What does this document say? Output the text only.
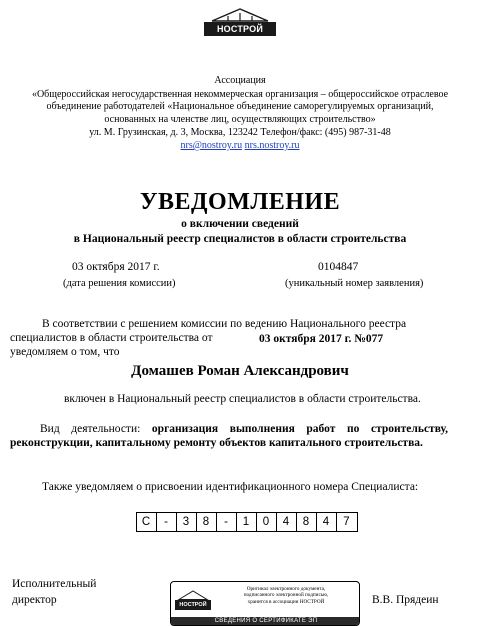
НОСТРОЙ
Ассоциация
«Общероссийская негосударственная некоммерческая организация – общероссийское отраслевое
объединение работодателей «Национальное объединение саморегулируемых организаций,
основанных на членстве лиц, осуществляющих строительство»
ул. М. Грузинская, д. 3, Москва, 123242 Телефон/факс: (495) 987-31-48
nrs@nostroy.ru nrs.nostroy.ru
УВЕДОМЛЕНИЕ
о включении сведений
в Национальный реестр специалистов в области строительства
03 октября 2017 г.
(дата решения комиссии)
0104847
(уникальный номер заявления)
В соответствии с решением комиссии по ведению Национального реестра
специалистов в области строительства от	03 октября 2017 г. №077
уведомляем о том, что
Домашев Роман Александрович
включен в Национальный реестр специалистов в области строительства.
Вид деятельности: организация выполнения работ по строительству, реконструкции, капитальному ремонту объектов капитального строительства.
Также уведомляем о присвоении идентификационного номера Специалиста:
С	-	3	8	-	1	0	4	8	4	7
Исполнительный
директор	В.В. Прядеин
НОСТРОЙ
Оригинал электронного документа,
подписанного электронной подписью,
хранится в ассоциации НОСТРОЙ
СВЕДЕНИЯ О СЕРТИФИКАТЕ ЭП
